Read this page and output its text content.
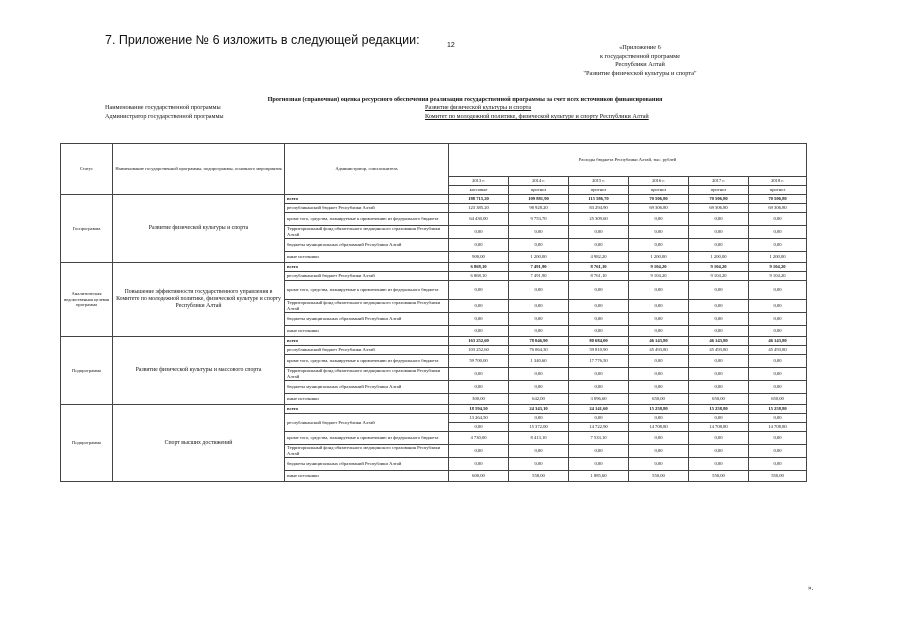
7. Приложение № 6 изложить в следующей редакции:	12	«Приложение 6
к государственной программе
Республики Алтай
"Развитие физической культуры и спорта"
Прогнозная (справочная) оценка ресурсного обеспечения реализации государственной программы за счет всех источников финансирования
Наименование государственной программы	Развитие физической культуры и спорта
Администратор государственной программы	Комитет по молодежной политике, физической культуре и спорту Республики Алтай
Статус	Наименование государственной программы, подпрограммы, основного мероприятия	Администратор, соисполнитель	Расходы бюджета Республики Алтай, тыс. рублей					
			2013 г.	2014 г.	2015 г.	2016 г.	2017 г.	2018 г.
			кассовые	прогноз	прогноз	прогноз	прогноз	прогноз
Госпрограмма	Развитие физической культуры и спорта	всего	188 715,20	109 881,90	115 586,70	70 506,80	70 506,80	70 506,80
		республиканский бюджет Республики Алтай	123 385,20	98 928,20	83 294,90	69 306,80	69 306,80	69 306,80
		кроме того, средства, планируемые к привлечению из федерального бюджета	64 430,00	9 753,70	25 309,60	0,00	0,00	0,00
		Территориальный фонд обязательного медицинского страхования Республики Алтай	0,00	0,00	0,00	0,00	0,00	0,00
		бюджеты муниципальных образований Республики Алтай	0,00	0,00	0,00	0,00	0,00	0,00
		иные источники	900,00	1 200,00	4 982,20	1 200,00	1 200,00	1 200,00
Аналитическая ведомственная целевая программа	Повышение эффективности государственного управления в Комитете по молодежной политике, физической культуре и спорту Республики Алтай	всего	6 868,10	7 491,90	8 761,10	9 104,20	9 104,20	9 104,20
		республиканский бюджет Республики Алтай	6 868,10	7 491,90	8 761,10	9 104,20	9 104,20	9 104,20
		кроме того, средства, планируемые к привлечению из федерального бюджета	0,00	0,00	0,00	0,00	0,00	0,00
		Территориальный фонд обязательного медицинского страхования Республики Алтай	0,00	0,00	0,00	0,00	0,00	0,00
		бюджеты муниципальных образований Республики Алтай	0,00	0,00	0,00	0,00	0,00	0,00
		иные источники	0,00	0,00	0,00	0,00	0,00	0,00
Подпрограмма	Развитие физической культуры и массового спорта	всего	163 252,60	78 046,90	80 684,00	46 143,80	46 143,80	46 143,80
		республиканский бюджет Республики Алтай	103 252,60	76 064,30	59 810,90	45 493,80	45 493,80	45 493,80
		кроме того, средства, планируемые к привлечению из федерального бюджета	59 700,00	1 340,60	17 776,50	0,00	0,00	0,00
		Территориальный фонд обязательного медицинского страхования Республики Алтай	0,00	0,00	0,00	0,00	0,00	0,00
		бюджеты муниципальных образований Республики Алтай	0,00	0,00	0,00	0,00	0,00	0,00
		иные источники	300,00	642,00	3 096,60	650,00	650,00	650,00
Подпрограмма	Спорт высших достижений	всего	18 594,50	24 343,10	24 141,60	15 258,80	15 258,80	15 258,80
		республиканский бюджет Республики Алтай	13 264,50	0,00	0,00	0,00	0,00	0,00
			0,00	15 372,00	14 722,90	14 708,80	14 708,80	14 708,80
		кроме того, средства, планируемые к привлечению из федерального бюджета	4 730,00	8 413,10	7 533,10	0,00	0,00	0,00
		Территориальный фонд обязательного медицинского страхования Республики Алтай	0,00	0,00	0,00	0,00	0,00	0,00
		бюджеты муниципальных образований Республики Алтай	0,00	0,00	0,00	0,00	0,00	0,00
		иные источники	600,00	558,00	1 885,60	550,00	550,00	550,00
».
